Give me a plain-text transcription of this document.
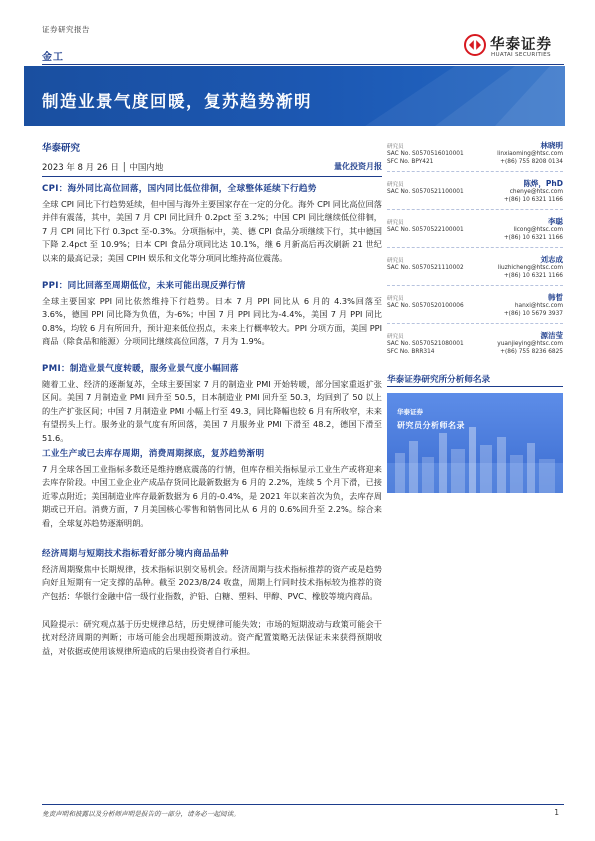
证券研究报告
金工
华泰证券
HUATAI SECURITIES
制造业景气度回暖，复苏趋势渐明
华泰研究
2023 年 8 月 26 日 │ 中国内地	量化投资月报
CPI：海外同比高位回落，国内同比低位徘徊，全球整体延续下行趋势
全球 CPI 同比下行趋势延续，但中国与海外主要国家存在一定的分化。海外 CPI 同比高位回落并伴有震荡，其中，美国 7 月 CPI 同比回升 0.2pct 至 3.2%；中国 CPI 同比继续低位徘徊，7 月 CPI 同比下行 0.3pct 至-0.3%。分项指标中，美、德 CPI 食品分项继续下行，其中德国下降 2.4pct 至 10.9%；日本 CPI 食品分项同比达 10.1%，继 6 月新高后再次刷新 21 世纪以来的最高记录；美国 CPIH 娱乐和文化等分项同比维持高位震荡。
PPI：同比回落至周期低位，未来可能出现反弹行情
全球主要国家 PPI 同比依然维持下行趋势。日本 7 月 PPI 同比从 6 月的 4.3%回落至 3.6%，德国 PPI 同比降为负值，为-6%；中国 7 月 PPI 同比为-4.4%，美国 7 月 PPI 同比 0.8%，均较 6 月有所回升，预计迎来低位拐点，未来上行概率较大。PPI 分项方面，美国 PPI 商品（除食品和能源）分项同比继续高位回落，7 月为 1.9%。
PMI：制造业景气度转暖，服务业景气度小幅回落
随着工业、经济的逐渐复苏，全球主要国家 7 月的制造业 PMI 开始转暖，部分国家重返扩张区间。美国 7 月制造业 PMI 回升至 50.5，日本制造业 PMI 回升至 50.3，均回到了 50 以上的生产扩张区间；中国 7 月制造业 PMI 小幅上行至 49.3，同比降幅也较 6 月有所收窄，未来有望拐头上行。服务业的景气度有所回落，美国 7 月服务业 PMI 下滑至 48.2，德国下滑至 51.6。
工业生产或已去库存周期，消费周期探底，复苏趋势渐明
7 月全球各国工业指标多数还是维持磨底震荡的行情，但库存相关指标显示工业生产或将迎来去库存阶段。中国工业企业产成品存货同比最新数据为 6 月的 2.2%，连续 5 个月下滑，已接近零点附近；美国制造业库存最新数据为 6 月的-0.4%，是 2021 年以来首次为负，去库存周期或已开启。消费方面，7 月美国核心零售和销售同比从 6 月的 0.6%回升至 2.2%。综合来看，全球复苏趋势逐渐明朗。
经济周期与短期技术指标看好部分境内商品品种
经济周期聚焦中长期规律，技术指标识别交易机会。经济周期与技术指标推荐的资产或是趋势向好且短期有一定支撑的品种。截至 2023/8/24 收盘，周期上行同时技术指标较为推荐的资产包括：华银行金融中信一级行业指数，沪铅、白糖、塑料、甲醇、PVC、橡胶等境内商品。
风险提示：研究观点基于历史规律总结，历史规律可能失效；市场的短期波动与政策可能会干扰对经济周期的判断；市场可能会出现超预期波动。资产配置策略无法保证未来获得预期收益，对依据或使用该规律所造成的后果由投资者自行承担。
研究员	林晓明
SAC No. S0570516010001	linxiaoming@htsc.com
SFC No. BPY421	+(86) 755 8208 0134
研究员	陈烨，PhD
SAC No. S0570521100001	chenye@htsc.com
+(86) 10 6321 1166
研究员	李聪
SAC No. S0570522100001	licong@htsc.com
+(86) 10 6321 1166
研究员	刘志成
SAC No. S0570521110002	liuzhicheng@htsc.com
+(86) 10 6321 1166
研究员	韩晳
SAC No. S0570520100006	hanxi@htsc.com
+(86) 10 5679 3937
研究员	源洁莹
SAC No. S0570521080001	yuanjieying@htsc.com
SFC No. BRR314	+(86) 755 8236 6825
华泰证券研究所分析师名录
华泰证券
研究员分析师名录
免责声明和披露以及分析师声明是报告的一部分，请务必一起阅读。	1
